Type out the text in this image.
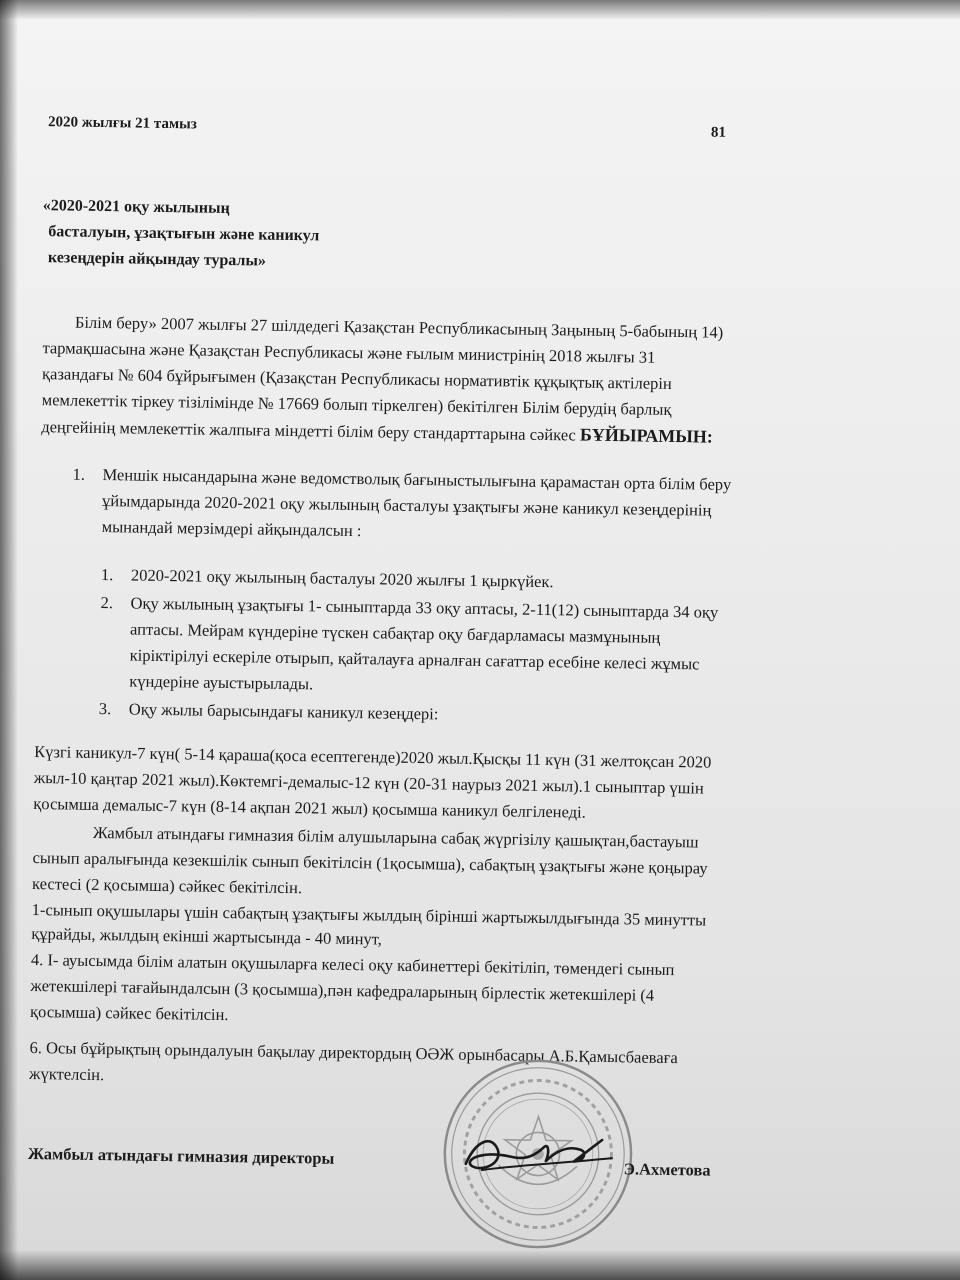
2020 жылғы 21 тамыз
81
«2020-2021 оқу жылының
басталуын, ұзақтығын және каникул
кезеңдерін айқындау туралы»
Білім беру» 2007 жылғы 27 шілдедегі Қазақстан Республикасының Заңының 5-бабының 14)
тармақшасына және Қазақстан Республикасы және ғылым министрінің 2018 жылғы 31
қазандағы № 604 бұйрығымен (Қазақстан Республикасы нормативтік құқықтық актілерін
мемлекеттік тіркеу тізілімінде № 17669 болып тіркелген) бекітілген Білім берудің барлық
деңгейінің мемлекеттік жалпыға міндетті білім беру стандарттарына сәйкес БҰЙЫРАМЫН:
1. Меншік нысандарына және ведомстволық бағыныстылығына қарамастан орта білім беру
ұйымдарында 2020-2021 оқу жылының басталуы ұзақтығы және каникул кезеңдерінің
мынандай мерзімдері айқындалсын :
1. 2020-2021 оқу жылының басталуы 2020 жылғы 1 қыркүйек.
2. Оқу жылының ұзақтығы 1- сыныптарда 33 оқу аптасы, 2-11(12) сыныптарда 34 оқу
аптасы. Мейрам күндеріне түскен сабақтар оқу бағдарламасы мазмұнының
кіріктірілуі ескеріле отырып, қайталауға арналған сағаттар есебіне келесі жұмыс
күндеріне ауыстырылады.
3. Оқу жылы барысындағы каникул кезеңдері:
Күзгі каникул-7 күн( 5-14 қараша(қоса есептегенде)2020 жыл.Қысқы 11 күн (31 желтоқсан 2020
жыл-10 қаңтар 2021 жыл).Көктемгі-демалыс-12 күн (20-31 наурыз 2021 жыл).1 сыныптар үшін
қосымша демалыс-7 күн (8-14 ақпан 2021 жыл) қосымша каникул белгіленеді.
Жамбыл атындағы гимназия білім алушыларына сабақ жүргізілу қашықтан,бастауыш
сынып аралығында кезекшілік сынып бекітілсін (1қосымша), сабақтың ұзақтығы және қоңырау
кестесі (2 қосымша) сәйкес бекітілсін.
1-сынып оқушылары үшін сабақтың ұзақтығы жылдың бірінші жартыжылдығында 35 минутты
құрайды, жылдың екінші жартысында - 40 минут,
4. I- ауысымда білім алатын оқушыларға келесі оқу кабинеттері бекітіліп, төмендегі сынып
жетекшілері тағайындалсын (3 қосымша),пән кафедраларының бірлестік жетекшілері (4
қосымша) сәйкес бекітілсін.
6. Осы бұйрықтың орындалуын бақылау директордың ОӘЖ орынбасары А.Б.Қамысбаевағa
жүктелсін.
Жамбыл атындағы гимназия директоры
Э.Ахметова
